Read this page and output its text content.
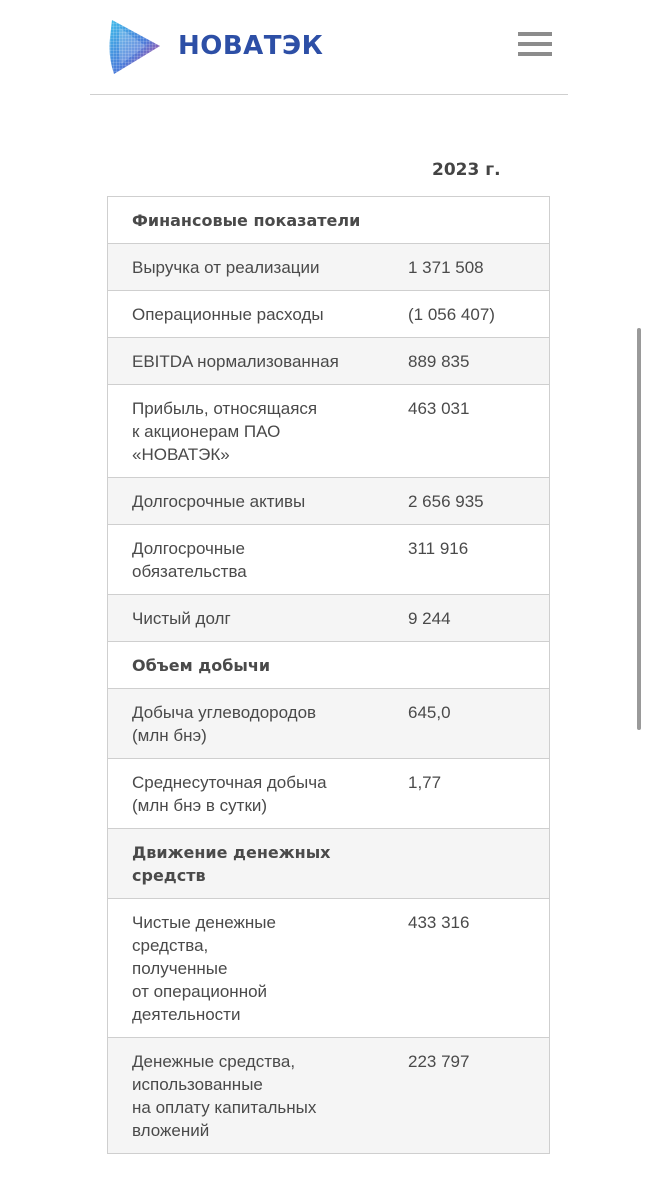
НОВАТЭК
2023 г.
Финансовые показатели	
Выручка от реализации	1 371 508
Операционные расходы	(1 056 407)
EBITDA нормализованная	889 835
Прибыль, относящаяся
к акционерам ПАО
«НОВАТЭК»	463 031
Долгосрочные активы	2 656 935
Долгосрочные
обязательства	311 916
Чистый долг	9 244
Объем добычи	
Добыча углеводородов
(млн бнэ)	645,0
Среднесуточная добыча
(млн бнэ в сутки)	1,77
Движение денежных
средств	
Чистые денежные
средства,
полученные
от операционной
деятельности	433 316
Денежные средства,
использованные
на оплату капитальных
вложений	223 797
